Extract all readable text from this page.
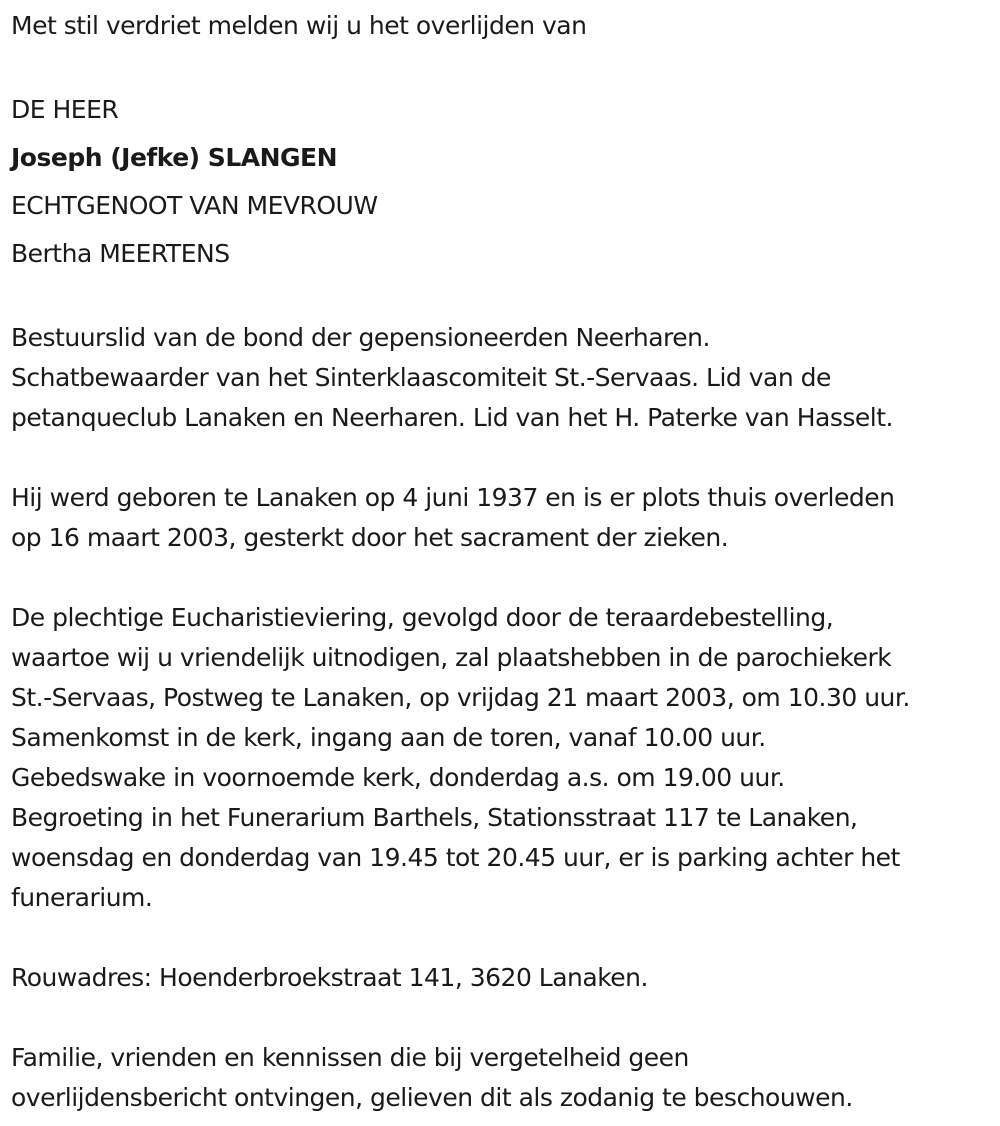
Met stil verdriet melden wij u het overlijden van
DE HEER
Joseph (Jefke) SLANGEN
ECHTGENOOT VAN MEVROUW
Bertha MEERTENS
Bestuurslid van de bond der gepensioneerden Neerharen.
Schatbewaarder van het Sinterklaascomiteit St.-Servaas. Lid van de
petanqueclub Lanaken en Neerharen. Lid van het H. Paterke van Hasselt.
Hij werd geboren te Lanaken op 4 juni 1937 en is er plots thuis overleden
op 16 maart 2003, gesterkt door het sacrament der zieken.
De plechtige Eucharistieviering, gevolgd door de teraardebestelling,
waartoe wij u vriendelijk uitnodigen, zal plaatshebben in de parochiekerk
St.-Servaas, Postweg te Lanaken, op vrijdag 21 maart 2003, om 10.30 uur.
Samenkomst in de kerk, ingang aan de toren, vanaf 10.00 uur.
Gebedswake in voornoemde kerk, donderdag a.s. om 19.00 uur.
Begroeting in het Funerarium Barthels, Stationsstraat 117 te Lanaken,
woensdag en donderdag van 19.45 tot 20.45 uur, er is parking achter het
funerarium.
Rouwadres: Hoenderbroekstraat 141, 3620 Lanaken.
Familie, vrienden en kennissen die bij vergetelheid geen
overlijdensbericht ontvingen, gelieven dit als zodanig te beschouwen.
